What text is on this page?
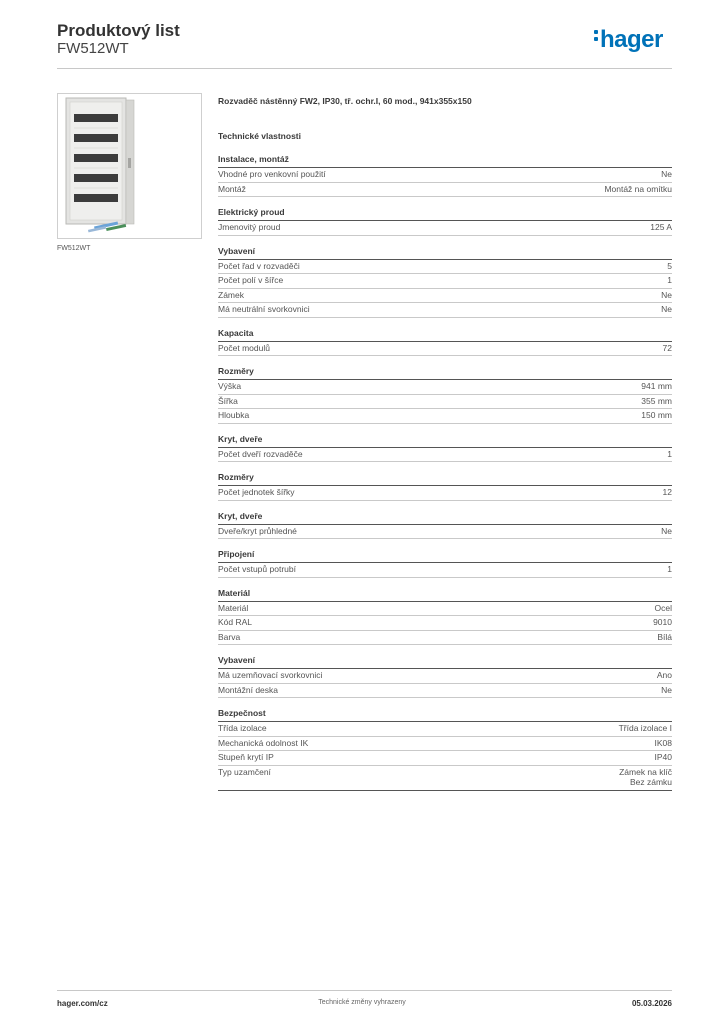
Produktový list
FW512WT	hager
FW512WT
Rozvaděč nástěnný FW2, IP30, tř. ochr.I, 60 mod., 941x355x150
Technické vlastnosti
Instalace, montáž
Vhodné pro venkovní použití	Ne
Montáž	Montáž na omítku
Elektrický proud
Jmenovitý proud	125 A
Vybavení
Počet řad v rozvaděči	5
Počet polí v šířce	1
Zámek	Ne
Má neutrální svorkovnici	Ne
Kapacita
Počet modulů	72
Rozměry
Výška	941 mm
Šířka	355 mm
Hloubka	150 mm
Kryt, dveře
Počet dveří rozvaděče	1
Rozměry
Počet jednotek šířky	12
Kryt, dveře
Dveře/kryt průhledné	Ne
Připojení
Počet vstupů potrubí	1
Materiál
Materiál	Ocel
Kód RAL	9010
Barva	Bílá
Vybavení
Má uzemňovací svorkovnici	Ano
Montážní deska	Ne
Bezpečnost
Třída izolace	Třída izolace I
Mechanická odolnost IK	IK08
Stupeň krytí IP	IP40
Typ uzamčení	Zámek na klíč
Bez zámku
hager.com/cz	Technické změny vyhrazeny	05.03.2026
